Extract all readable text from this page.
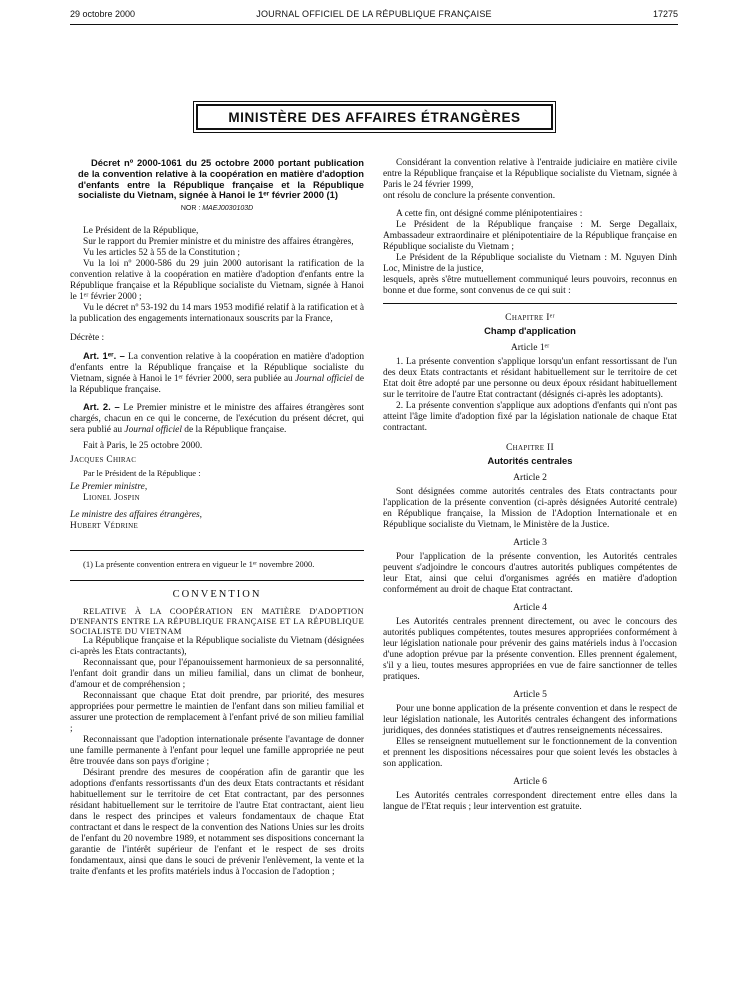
29 octobre 2000	JOURNAL OFFICIEL DE LA RÉPUBLIQUE FRANÇAISE	17275
MINISTÈRE DES AFFAIRES ÉTRANGÈRES

Décret nº 2000-1061 du 25 octobre 2000 portant publication de la convention relative à la coopération en matière d'adoption d'enfants entre la République française et la République socialiste du Vietnam, signée à Hanoi le 1ᵉʳ février 2000 (1)

NOR : MAEJ0030103D

Le Président de la République,

Sur le rapport du Premier ministre et du ministre des affaires étrangères,

Vu les articles 52 à 55 de la Constitution ;

Vu la loi nº 2000-586 du 29 juin 2000 autorisant la ratification de la convention relative à la coopération en matière d'adoption d'enfants entre la République française et la République socialiste du Vietnam, signée à Hanoi le 1ᵉʳ février 2000 ;

Vu le décret nº 53-192 du 14 mars 1953 modifié relatif à la ratification et à la publication des engagements internationaux souscrits par la France,

Décrète :

Art. 1ᵉʳ. – La convention relative à la coopération en matière d'adoption d'enfants entre la République française et la République socialiste du Vietnam, signée à Hanoi le 1ᵉʳ février 2000, sera publiée au Journal officiel de la République française.

Art. 2. – Le Premier ministre et le ministre des affaires étrangères sont chargés, chacun en ce qui le concerne, de l'exécution du présent décret, qui sera publié au Journal officiel de la République française.

Fait à Paris, le 25 octobre 2000.

Jacques Chirac

Par le Président de la République :

Le Premier ministre,

Lionel Jospin

Le ministre des affaires étrangères,

Hubert Védrine

(1) La présente convention entrera en vigueur le 1ᵉʳ novembre 2000.

CONVENTION

RELATIVE À LA COOPÉRATION EN MATIÈRE D'ADOPTION D'ENFANTS ENTRE LA RÉPUBLIQUE FRANÇAISE ET LA RÉPUBLIQUE SOCIALISTE DU VIETNAM

La République française et la République socialiste du Vietnam (désignées ci-après les Etats contractants),

Reconnaissant que, pour l'épanouissement harmonieux de sa personnalité, l'enfant doit grandir dans un milieu familial, dans un climat de bonheur, d'amour et de compréhension ;

Reconnaissant que chaque Etat doit prendre, par priorité, des mesures appropriées pour permettre le maintien de l'enfant dans son milieu familial et assurer une protection de remplacement à l'enfant privé de son milieu familial ;

Reconnaissant que l'adoption internationale présente l'avantage de donner une famille permanente à l'enfant pour lequel une famille appropriée ne peut être trouvée dans son pays d'origine ;

Désirant prendre des mesures de coopération afin de garantir que les adoptions d'enfants ressortissants d'un des deux Etats contractants et résidant habituellement sur le territoire de cet Etat contractant, par des personnes résidant habituellement sur le territoire de l'autre Etat contractant, aient lieu dans le respect des principes et valeurs fondamentaux de chaque Etat contractant et dans le respect de la convention des Nations Unies sur les droits de l'enfant du 20 novembre 1989, et notamment ses dispositions concernant la garantie de l'intérêt supérieur de l'enfant et le respect de ses droits fondamentaux, ainsi que dans le souci de prévenir l'enlèvement, la vente et la traite d'enfants et les profits matériels indus à l'occasion de l'adoption ;

Considérant la convention relative à l'entraide judiciaire en matière civile entre la République française et la République socialiste du Vietnam, signée à Paris le 24 février 1999,

ont résolu de conclure la présente convention.

A cette fin, ont désigné comme plénipotentiaires :

Le Président de la République française : M. Serge Degallaix, Ambassadeur extraordinaire et plénipotentiaire de la République française en République socialiste du Vietnam ;

Le Président de la République socialiste du Vietnam : M. Nguyen Dinh Loc, Ministre de la justice,

lesquels, après s'être mutuellement communiqué leurs pouvoirs, reconnus en bonne et due forme, sont convenus de ce qui suit :

Chapitre Iᵉʳ
Champ d'application
Article 1ᵉʳ

1. La présente convention s'applique lorsqu'un enfant ressortissant de l'un des deux Etats contractants et résidant habituellement sur le territoire de cet Etat doit être adopté par une personne ou deux époux résidant habituellement sur le territoire de l'autre Etat contractant (désignés ci-après les adoptants).

2. La présente convention s'applique aux adoptions d'enfants qui n'ont pas atteint l'âge limite d'adoption fixé par la législation nationale de chaque Etat contractant.

Chapitre II
Autorités centrales
Article 2

Sont désignées comme autorités centrales des Etats contractants pour l'application de la présente convention (ci-après désignées Autorité centrale) en République française, la Mission de l'Adoption Internationale et en République socialiste du Vietnam, le Ministère de la Justice.

Article 3

Pour l'application de la présente convention, les Autorités centrales peuvent s'adjoindre le concours d'autres autorités publiques compétentes de leur Etat, ainsi que celui d'organismes agréés en matière d'adoption conformément au droit de chaque Etat contractant.

Article 4

Les Autorités centrales prennent directement, ou avec le concours des autorités publiques compétentes, toutes mesures appropriées conformément à leur législation nationale pour prévenir des gains matériels indus à l'occasion d'une adoption prévue par la présente convention. Elles prennent également, s'il y a lieu, toutes mesures appropriées en vue de faire sanctionner de telles pratiques.

Article 5

Pour une bonne application de la présente convention et dans le respect de leur législation nationale, les Autorités centrales échangent des informations juridiques, des données statistiques et d'autres renseignements nécessaires.

Elles se renseignent mutuellement sur le fonctionnement de la convention et prennent les dispositions nécessaires pour que soient levés les obstacles à son application.

Article 6

Les Autorités centrales correspondent directement entre elles dans la langue de l'Etat requis ; leur intervention est gratuite.
